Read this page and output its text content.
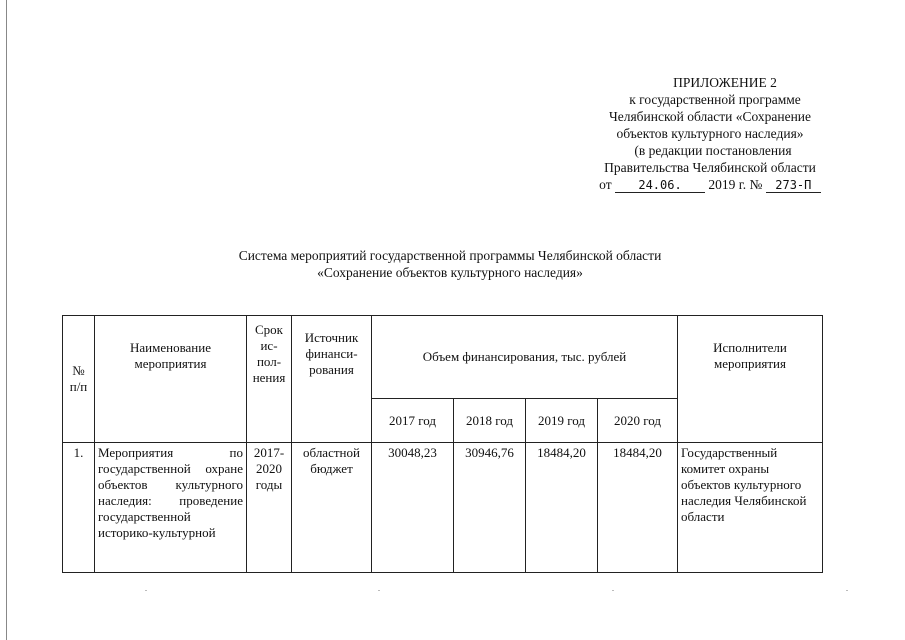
ПРИЛОЖЕНИЕ 2
к государственной программе
Челябинской области «Сохранение
объектов культурного наследия»
(в редакции постановления
Правительства Челябинской области
от 24.06. 2019 г. № 273-П
Система мероприятий государственной программы Челябинской области
«Сохранение объектов культурного наследия»
№ п/п	Наименование мероприятия	Срок ис-пол-нения	Источник финанси-рования	Объем финансирования, тыс. рублей				Исполнители мероприятия
				2017 год	2018 год	2019 год	2020 год	
1.	Мероприятия по государственной охране объектов культурного наследия: проведение государственной историко-культурной	2017-2020 годы	областной бюджет	30048,23	30946,76	18484,20	18484,20	Государственный комитет охраны объектов культурного наследия Челябинской области
